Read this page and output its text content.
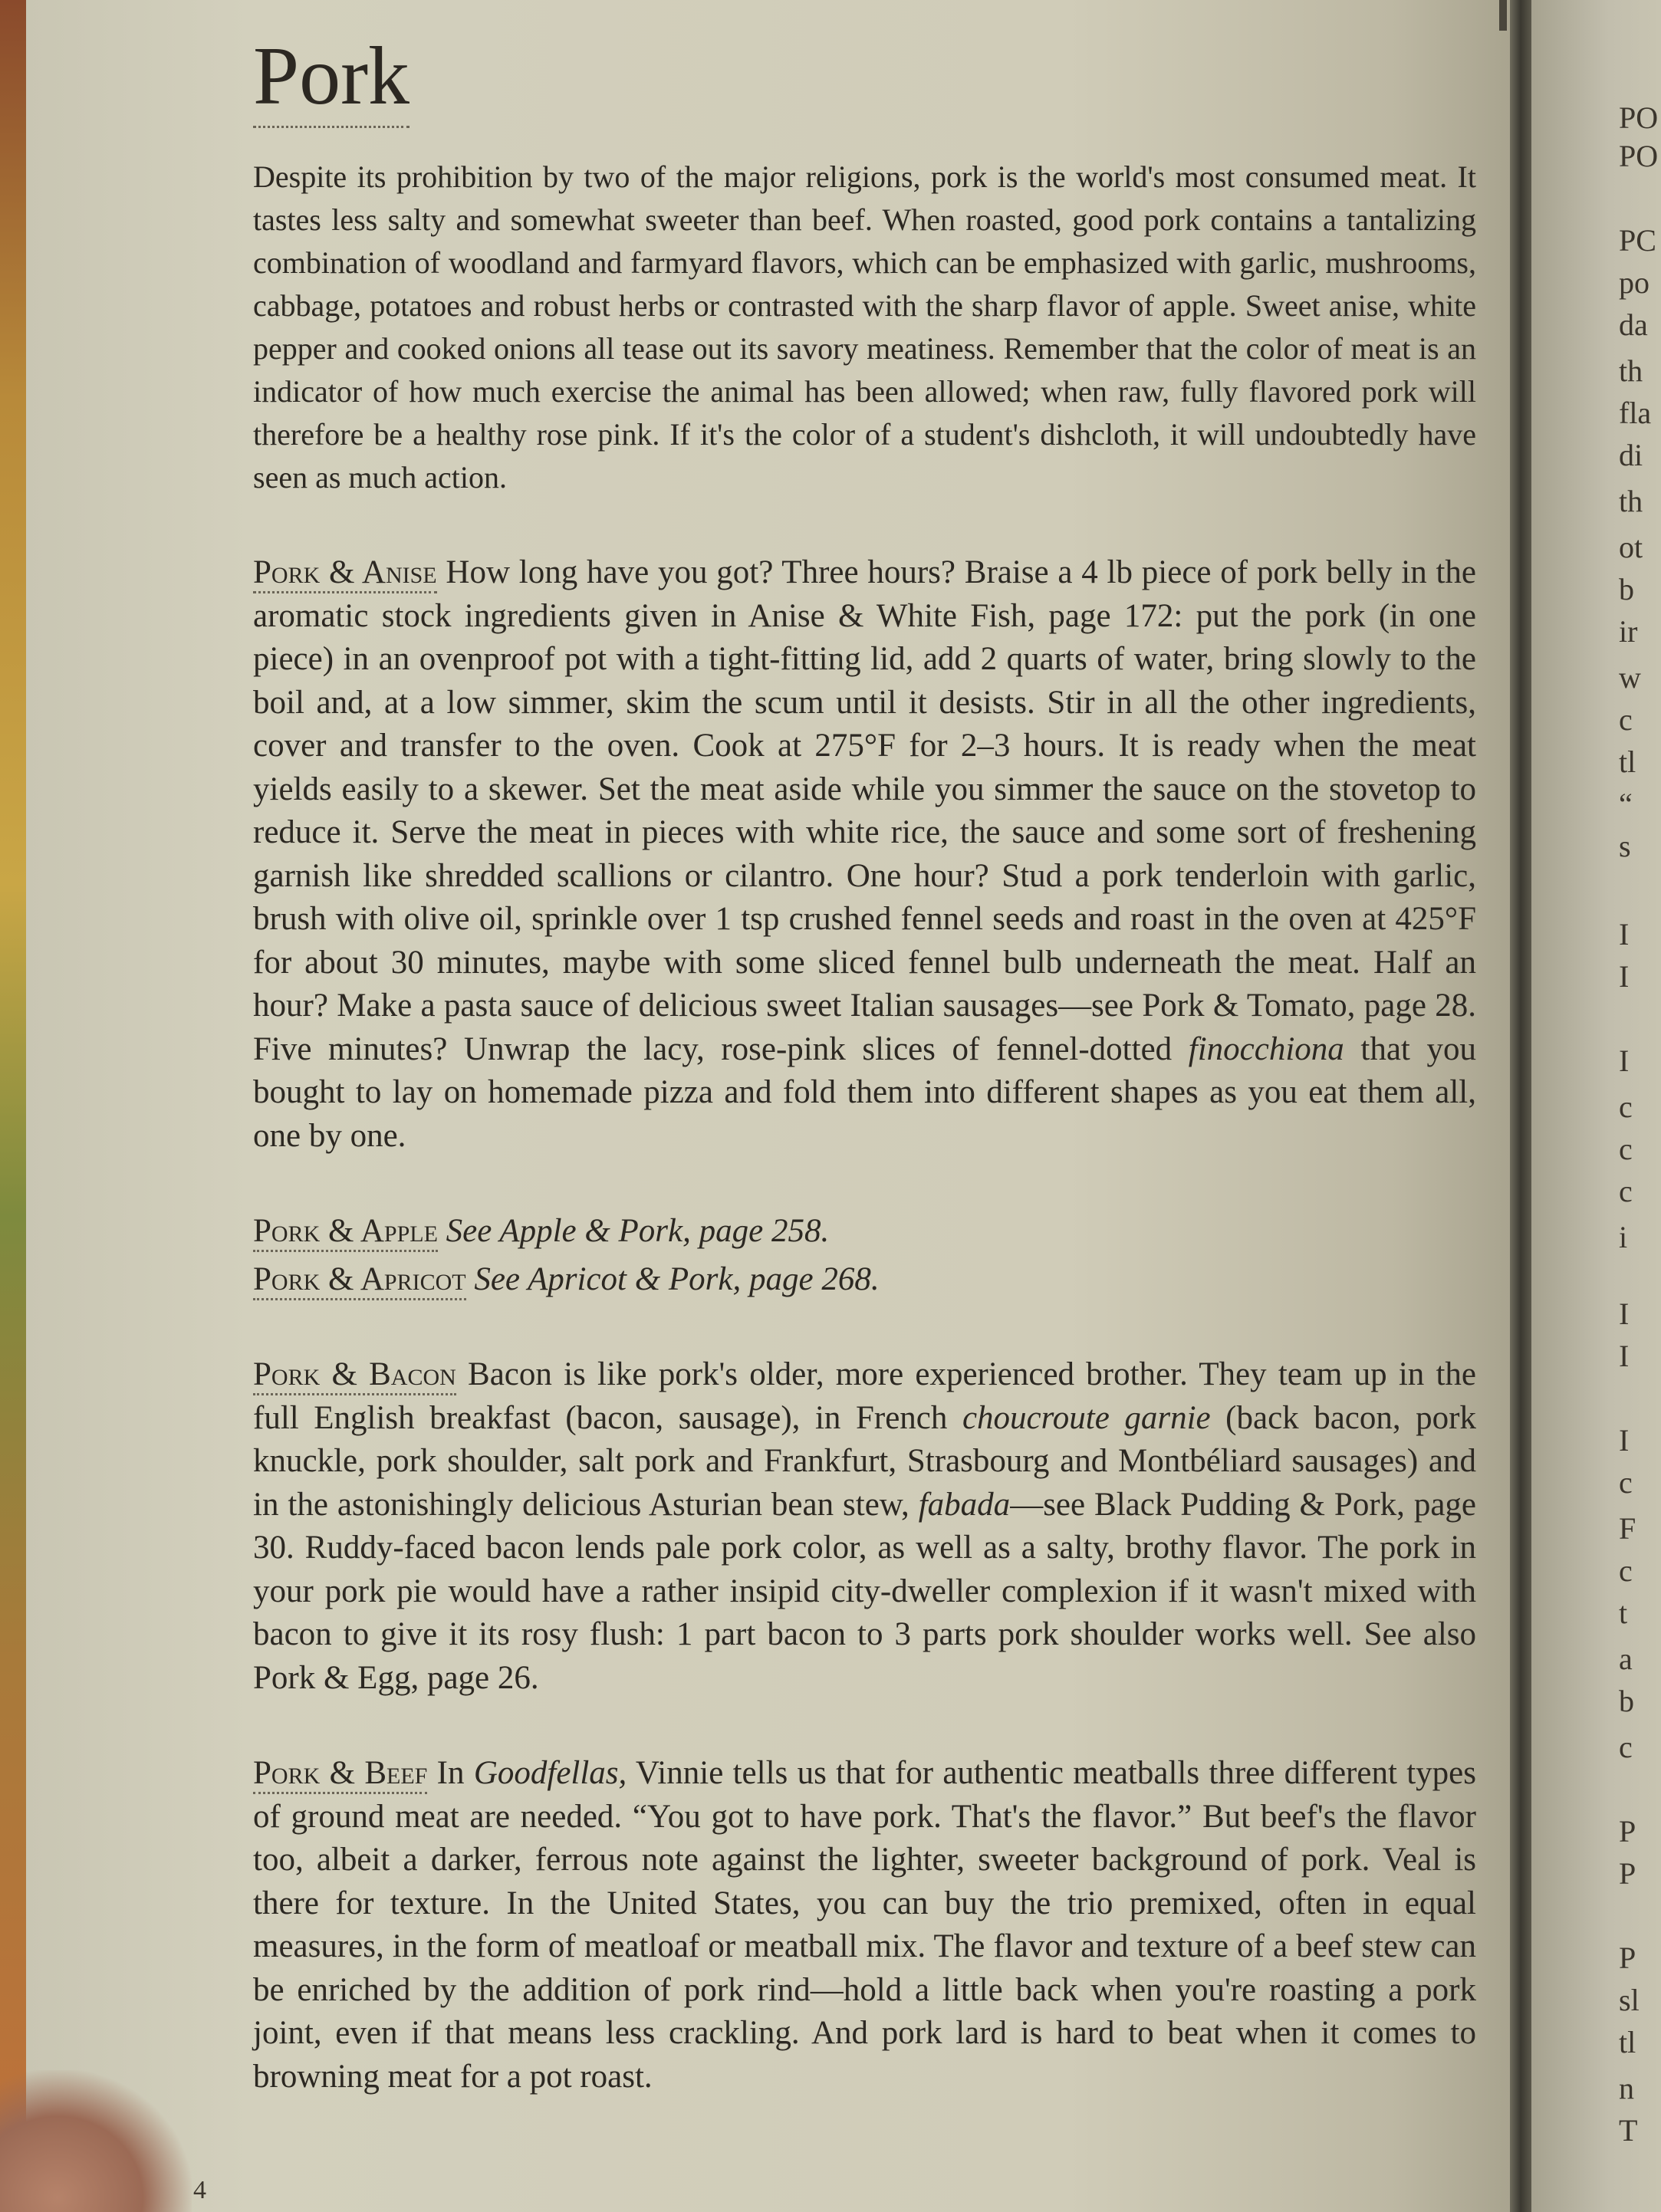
Pork

Despite its prohibition by two of the major religions, pork is the world's most consumed meat. It tastes less salty and somewhat sweeter than beef. When roasted, good pork contains a tantalizing combination of woodland and farmyard flavors, which can be emphasized with garlic, mushrooms, cabbage, potatoes and robust herbs or contrasted with the sharp flavor of apple. Sweet anise, white pepper and cooked onions all tease out its savory meatiness. Remember that the color of meat is an indicator of how much exercise the animal has been allowed; when raw, fully flavored pork will therefore be a healthy rose pink. If it's the color of a student's dishcloth, it will undoubtedly have seen as much action.

Pork & Anise How long have you got? Three hours? Braise a 4 lb piece of pork belly in the aromatic stock ingredients given in Anise & White Fish, page 172: put the pork (in one piece) in an ovenproof pot with a tight-fitting lid, add 2 quarts of water, bring slowly to the boil and, at a low simmer, skim the scum until it desists. Stir in all the other ingredients, cover and transfer to the oven. Cook at 275°F for 2–3 hours. It is ready when the meat yields easily to a skewer. Set the meat aside while you simmer the sauce on the stovetop to reduce it. Serve the meat in pieces with white rice, the sauce and some sort of freshening garnish like shredded scallions or cilantro. One hour? Stud a pork tenderloin with garlic, brush with olive oil, sprinkle over 1 tsp crushed fennel seeds and roast in the oven at 425°F for about 30 minutes, maybe with some sliced fennel bulb underneath the meat. Half an hour? Make a pasta sauce of delicious sweet Italian sausages—see Pork & Tomato, page 28. Five minutes? Unwrap the lacy, rose-pink slices of fennel-dotted finocchiona that you bought to lay on homemade pizza and fold them into different shapes as you eat them all, one by one.

Pork & Apple See Apple & Pork, page 258.

Pork & Apricot See Apricot & Pork, page 268.

Pork & Bacon Bacon is like pork's older, more experienced brother. They team up in the full English breakfast (bacon, sausage), in French choucroute garnie (back bacon, pork knuckle, pork shoulder, salt pork and Frankfurt, Strasbourg and Montbéliard sausages) and in the astonishingly delicious Asturian bean stew, fabada—see Black Pudding & Pork, page 30. Ruddy-faced bacon lends pale pork color, as well as a salty, brothy flavor. The pork in your pork pie would have a rather insipid city-dweller complexion if it wasn't mixed with bacon to give it its rosy flush: 1 part bacon to 3 parts pork shoulder works well. See also Pork & Egg, page 26.

Pork & Beef In Goodfellas, Vinnie tells us that for authentic meatballs three different types of ground meat are needed. “You got to have pork. That's the flavor.” But beef's the flavor too, albeit a darker, ferrous note against the lighter, sweeter background of pork. Veal is there for texture. In the United States, you can buy the trio premixed, often in equal measures, in the form of meatloaf or meatball mix. The flavor and texture of a beef stew can be enriched by the addition of pork rind—hold a little back when you're roasting a pork joint, even if that means less crackling. And pork lard is hard to beat when it comes to browning meat for a pot roast.

PO
PO
PC
po
da
th
fla
di
th
ot
b
ir
w
c
tl
“
s
I
I
I
c
c
c
i
I
I
I
c
F
c
t
a
b
c
P
P
P
sl
tl
n
T
4
